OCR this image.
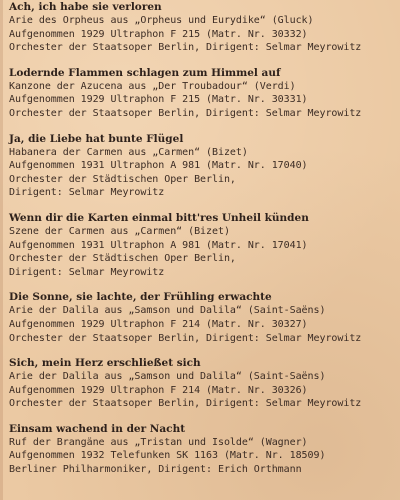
Ach, ich habe sie verloren
Arie des Orpheus aus „Orpheus und Eurydike“ (Gluck)
Aufgenommen 1929 Ultraphon F 215 (Matr. Nr. 30332)
Orchester der Staatsoper Berlin, Dirigent: Selmar Meyrowitz
Lodernde Flammen schlagen zum Himmel auf
Kanzone der Azucena aus „Der Troubadour“ (Verdi)
Aufgenommen 1929 Ultraphon F 215 (Matr. Nr. 30331)
Orchester der Staatsoper Berlin, Dirigent: Selmar Meyrowitz
Ja, die Liebe hat bunte Flügel
Habanera der Carmen aus „Carmen“ (Bizet)
Aufgenommen 1931 Ultraphon A 981 (Matr. Nr. 17040)
Orchester der Städtischen Oper Berlin,
Dirigent: Selmar Meyrowitz
Wenn dir die Karten einmal bitt'res Unheil künden
Szene der Carmen aus „Carmen“ (Bizet)
Aufgenommen 1931 Ultraphon A 981 (Matr. Nr. 17041)
Orchester der Städtischen Oper Berlin,
Dirigent: Selmar Meyrowitz
Die Sonne, sie lachte, der Frühling erwachte
Arie der Dalila aus „Samson und Dalila“ (Saint-Saëns)
Aufgenommen 1929 Ultraphon F 214 (Matr. Nr. 30327)
Orchester der Staatsoper Berlin, Dirigent: Selmar Meyrowitz
Sich, mein Herz erschließet sich
Arie der Dalila aus „Samson und Dalila“ (Saint-Saëns)
Aufgenommen 1929 Ultraphon F 214 (Matr. Nr. 30326)
Orchester der Staatsoper Berlin, Dirigent: Selmar Meyrowitz
Einsam wachend in der Nacht
Ruf der Brangäne aus „Tristan und Isolde“ (Wagner)
Aufgenommen 1932 Telefunken SK 1163 (Matr. Nr. 18509)
Berliner Philharmoniker, Dirigent: Erich Orthmann
